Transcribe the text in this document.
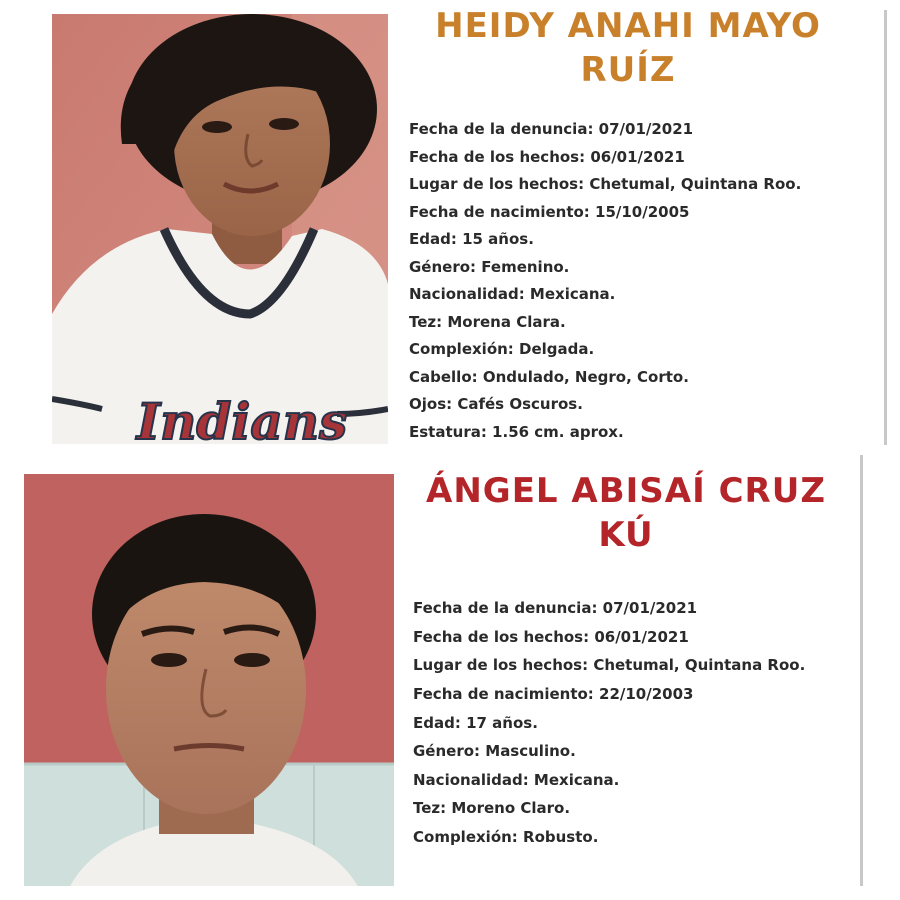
Indians
HEIDY ANAHI MAYO
RUÍZ
Fecha de la denuncia: 07/01/2021
Fecha de los hechos: 06/01/2021
Lugar de los hechos: Chetumal, Quintana Roo.
Fecha de nacimiento: 15/10/2005
Edad: 15 años.
Género: Femenino.
Nacionalidad: Mexicana.
Tez: Morena Clara.
Complexión: Delgada.
Cabello: Ondulado, Negro, Corto.
Ojos: Cafés Oscuros.
Estatura: 1.56 cm. aprox.
ÁNGEL ABISAÍ CRUZ
KÚ
Fecha de la denuncia: 07/01/2021
Fecha de los hechos: 06/01/2021
Lugar de los hechos: Chetumal, Quintana Roo.
Fecha de nacimiento: 22/10/2003
Edad: 17 años.
Género: Masculino.
Nacionalidad: Mexicana.
Tez: Moreno Claro.
Complexión: Robusto.
